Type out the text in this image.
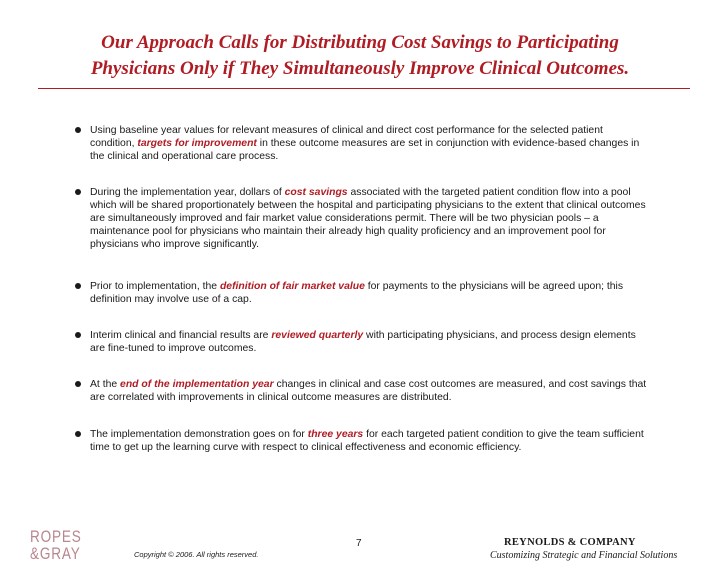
Our Approach Calls for Distributing Cost Savings to Participating
Physicians Only if They Simultaneously Improve Clinical Outcomes.
Using baseline year values for relevant measures of clinical and direct cost performance for the selected patient condition, targets for improvement in these outcome measures are set in conjunction with evidence-based changes in the clinical and operational care process.
During the implementation year, dollars of cost savings associated with the targeted patient condition flow into a pool which will be shared proportionately between the hospital and participating physicians to the extent that clinical outcomes are simultaneously improved and fair market value considerations permit. There will be two physician pools – a maintenance pool for physicians who maintain their already high quality proficiency and an improvement pool for physicians who improve significantly.
Prior to implementation, the definition of fair market value for payments to the physicians will be agreed upon; this definition may involve use of a cap.
Interim clinical and financial results are reviewed quarterly with participating physicians, and process design elements are fine-tuned to improve outcomes.
At the end of the implementation year changes in clinical and case cost outcomes are measured, and cost savings that are correlated with improvements in clinical outcome measures are distributed.
The implementation demonstration goes on for three years for each targeted patient condition to give the team sufficient time to get up the learning curve with respect to clinical effectiveness and economic efficiency.
ROPES
&GRAY	Copyright © 2006. All rights reserved.
7	REYNOLDS & COMPANY
Customizing Strategic and Financial Solutions
